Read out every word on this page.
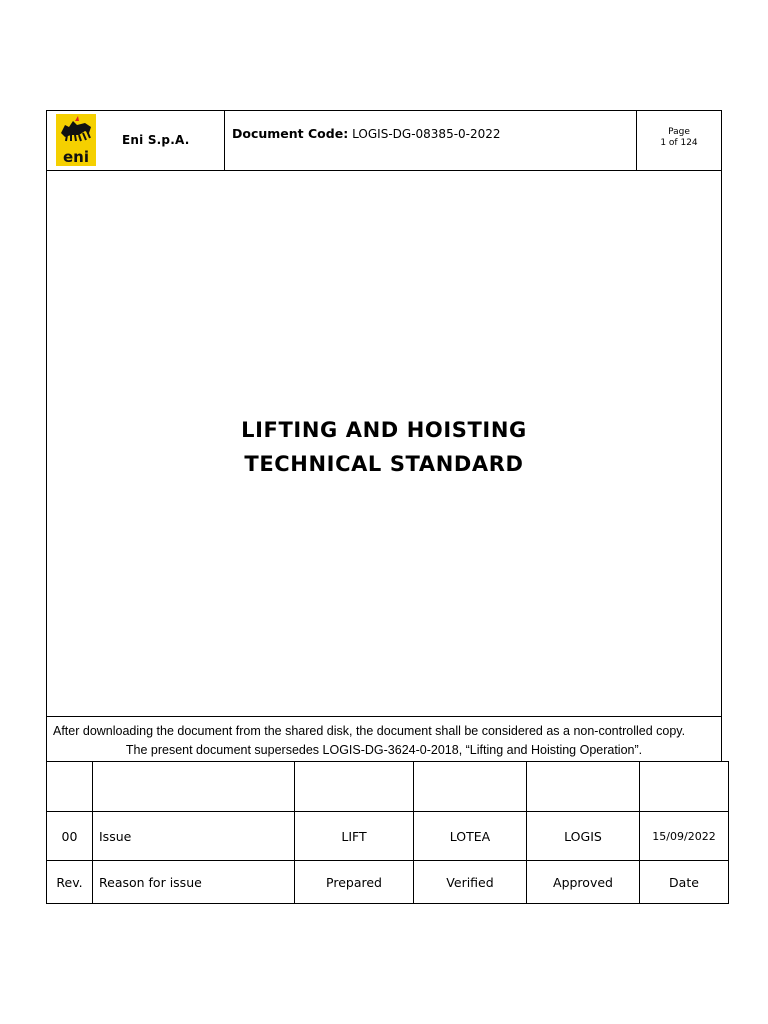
eni
Eni S.p.A.	Document Code: LOGIS-DG-08385-0-2022	Page
1 of 124
LIFTING AND HOISTING
TECHNICAL STANDARD
After downloading the document from the shared disk, the document shall be considered as a non-controlled copy.
The present document supersedes LOGIS-DG-3624-0-2018, “Lifting and Hoisting Operation”.

00	Issue	LIFT	LOTEA	LOGIS	15/09/2022
Rev.	Reason for issue	Prepared	Verified	Approved	Date
